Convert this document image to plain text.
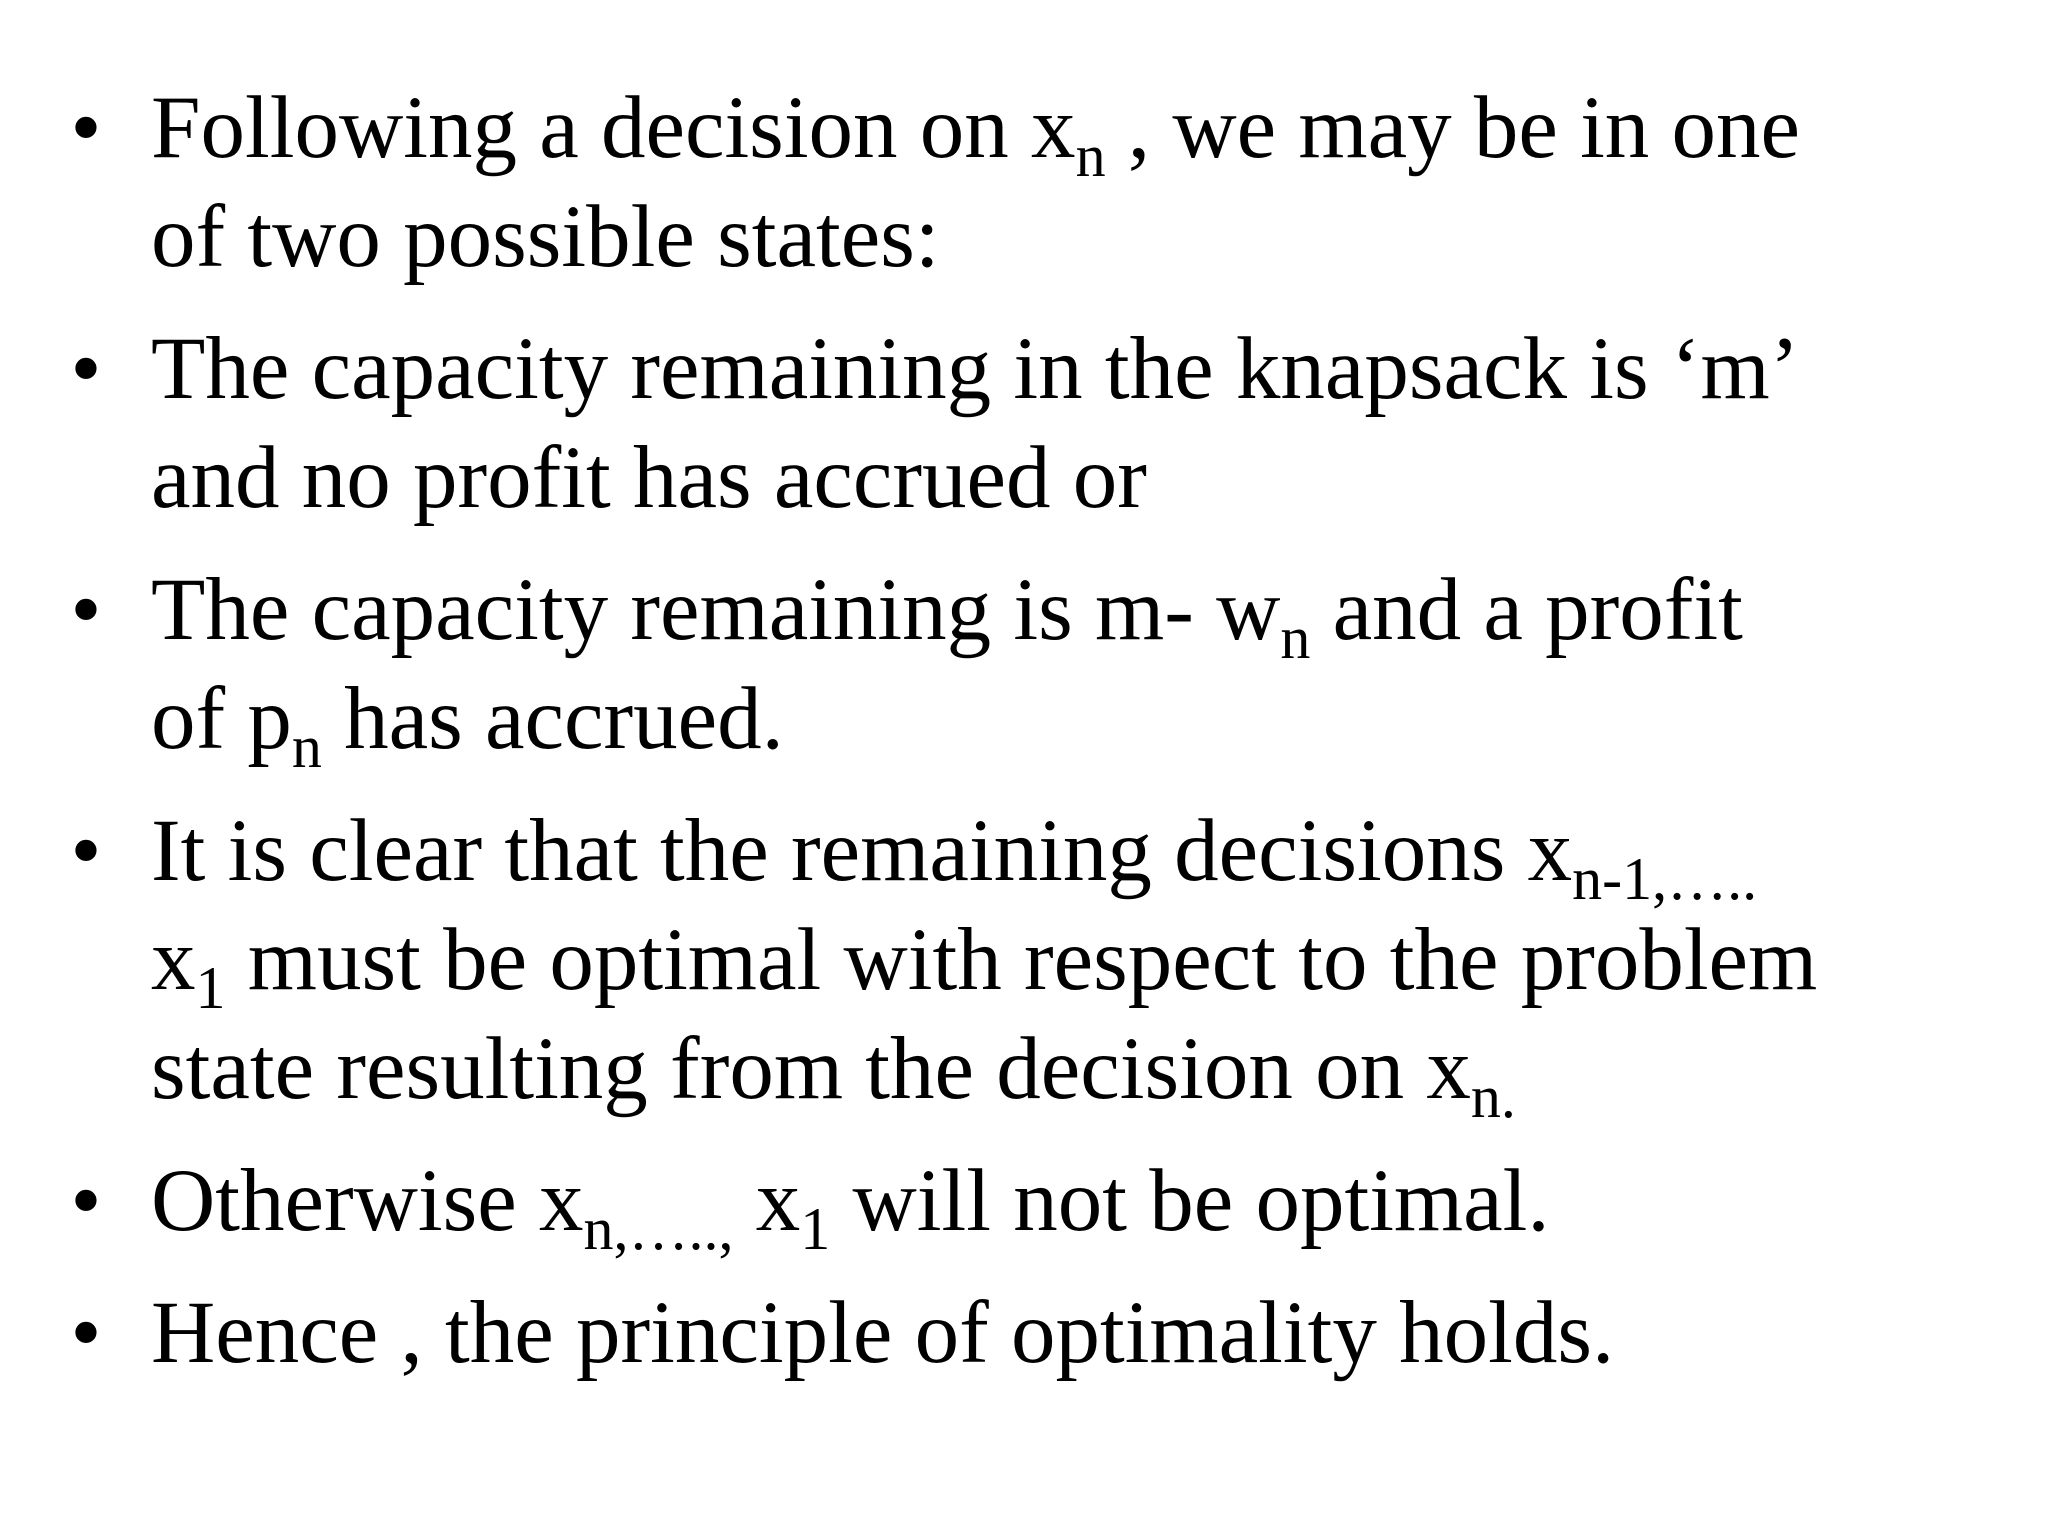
• Following a decision on $x_n$ , we may be in one
of two possible states:
• The capacity remaining in the knapsack is ‘m’
and no profit has accrued or
• The capacity remaining is m- $w_n$ and a profit
of $p_n$ has accrued.
• It is clear that the remaining decisions $x_{n-1,\dots..}$
$x_1$ must be optimal with respect to the problem
state resulting from the decision on $x_{n.}$
• Otherwise $x_{n,\dots..,}$ $x_1$ will not be optimal.
• Hence , the principle of optimality holds.
